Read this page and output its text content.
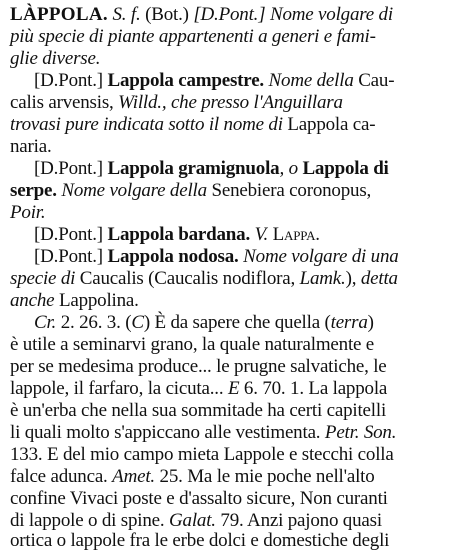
LÀPPOLA. S. f. (Bot.) [D.Pont.] Nome volgare di
più specie di piante appartenenti a generi e fami-
glie diverse.
[D.Pont.] Lappola campestre. Nome della Cau-
calis arvensis, Willd., che presso l'Anguillara
trovasi pure indicata sotto il nome di Lappola ca-
naria.
[D.Pont.] Lappola gramignuola, o Lappola di
serpe. Nome volgare della Senebiera coronopus,
Poir.
[D.Pont.] Lappola bardana. V. Lappa.
[D.Pont.] Lappola nodosa. Nome volgare di una
specie di Caucalis (Caucalis nodiflora, Lamk.), detta
anche Lappolina.
Cr. 2. 26. 3. (C) È da sapere che quella (terra)
è utile a seminarvi grano, la quale naturalmente e
per se medesima produce... le prugne salvatiche, le
lappole, il farfaro, la cicuta... E 6. 70. 1. La lappola
è un'erba che nella sua sommitade ha certi capitelli
li quali molto s'appiccano alle vestimenta. Petr. Son.
133. E del mio campo mieta Lappole e stecchi colla
falce adunca. Amet. 25. Ma le mie poche nell'alto
confine Vivaci poste e d'assalto sicure, Non curanti
di lappole o di spine. Galat. 79. Anzi pajono quasi
ortica o lappole fra le erbe dolci e domestiche degli
